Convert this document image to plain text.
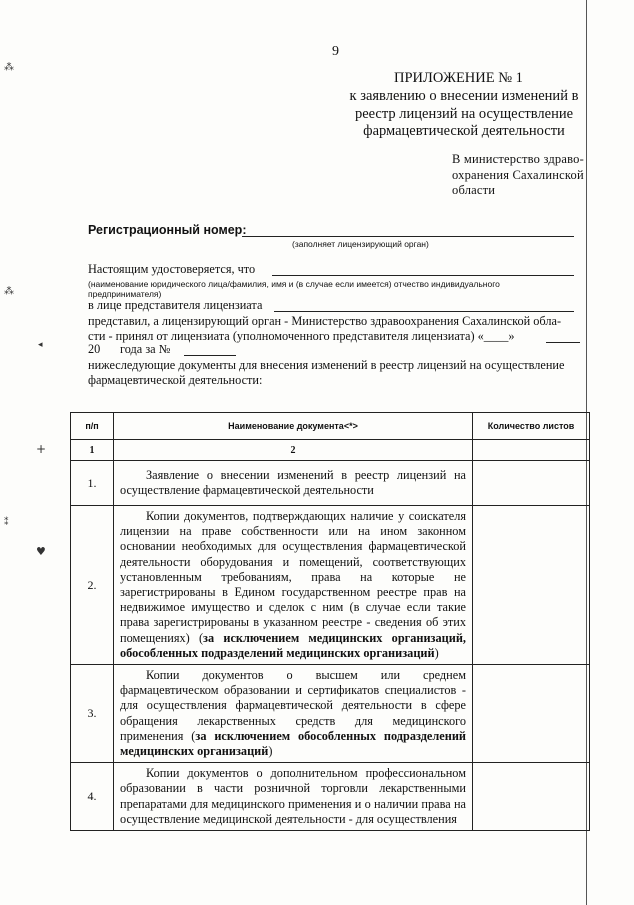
⁂
⁂
◂
+
⁑
♥
9
ПРИЛОЖЕНИЕ № 1
к заявлению о внесении изменений в
реестр лицензий на осуществление
фармацевтической деятельности
В министерство здраво-
охранения Сахалинской
области
Регистрационный номер:
(заполняет лицензирующий орган)
Настоящим удостоверяется, что
(наименование юридического лица/фамилия, имя и (в случае если имеется) отчество индивидуального
предпринимателя)
в лице представителя лицензиата
представил, а лицензирующий орган - Министерство здравоохранения Сахалинской обла-
сти - принял от лицензиата (уполномоченного представителя лицензиата) «____»
20 года за №
нижеследующие документы для внесения изменений в реестр лицензий на осуществление
фармацевтической деятельности:
п/п	Наименование документа<*>	Количество листов
1	2	
1.	Заявление о внесении изменений в реестр лицензий на осуществление фармацевтической деятельности	

2.	Копии документов, подтверждающих наличие у соискателя лицензии на праве собственности или на ином законном основании необходимых для осуществления фармацевтической деятельности оборудования и помещений, соответствующих установленным требованиям, права на которые не зарегистрированы в Едином государственном реестре прав на недвижимое имущество и сделок с ним (в случае если такие права зарегистрированы в указанном реестре - сведения об этих помещениях) (за исключением медицинских организаций, обособленных подразделений медицинских организаций)	

3.	Копии документов о высшем или среднем фармацевтическом образовании и сертификатов специалистов - для осуществления фармацевтической деятельности в сфере обращения лекарственных средств для медицинского применения (за исключением обособленных подразделений медицинских организаций)	

4.	Копии документов о дополнительном профессиональном образовании в части розничной торговли лекарственными препаратами для медицинского применения и о наличии права на осуществление медицинской деятельности - для осуществления	
